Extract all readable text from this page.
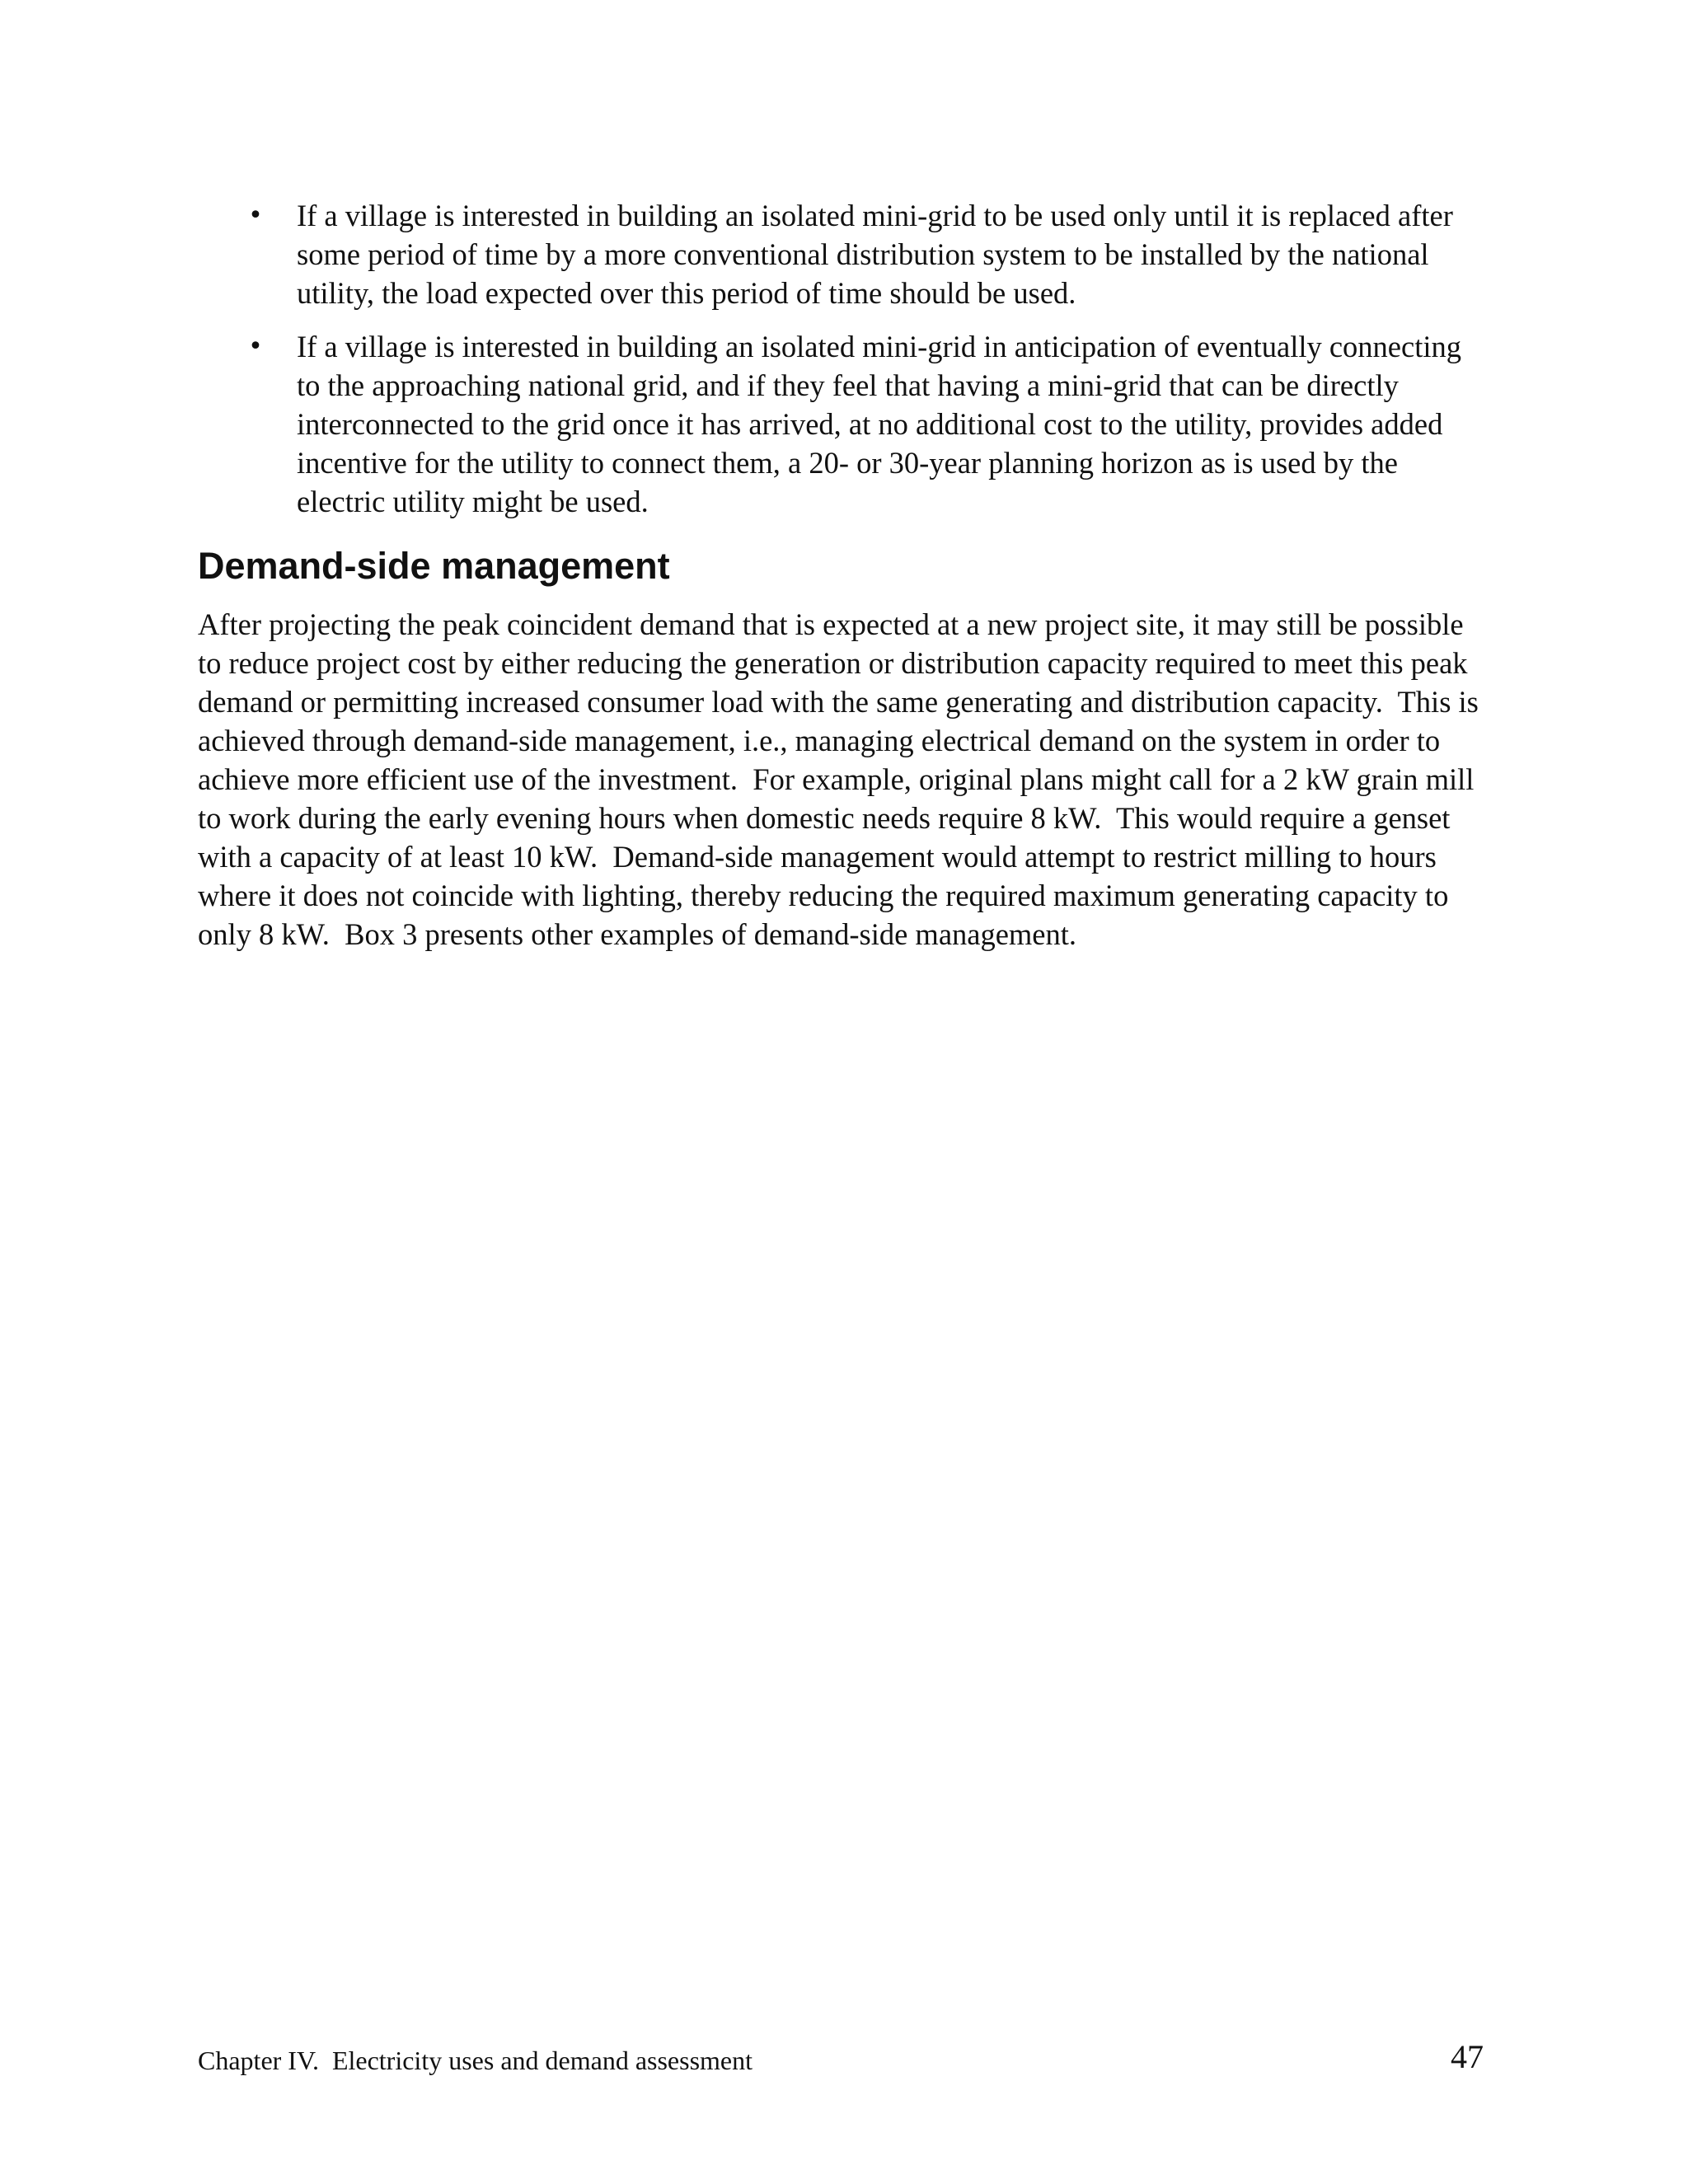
• If a village is interested in building an isolated mini-grid to be used only until it is replaced after some period of time by a more conventional distribution system to be installed by the national utility, the load expected over this period of time should be used.
• If a village is interested in building an isolated mini-grid in anticipation of eventually connecting to the approaching national grid, and if they feel that having a mini-grid that can be directly interconnected to the grid once it has arrived, at no additional cost to the utility, provides added incentive for the utility to connect them, a 20- or 30-year planning horizon as is used by the electric utility might be used.
Demand-side management

After projecting the peak coincident demand that is expected at a new project site, it may still be possible to reduce project cost by either reducing the generation or distribution capacity required to meet this peak demand or permitting increased consumer load with the same generating and distribution capacity.  This is achieved through demand-side management, i.e., managing electrical demand on the system in order to achieve more efficient use of the investment.  For example, original plans might call for a 2 kW grain mill to work during the early evening hours when domestic needs require 8 kW.  This would require a genset with a capacity of at least 10 kW.  Demand-side management would attempt to restrict milling to hours where it does not coincide with lighting, thereby reducing the required maximum generating capacity to only 8 kW.  Box 3 presents other examples of demand-side management.

Chapter IV.  Electricity uses and demand assessment	47
